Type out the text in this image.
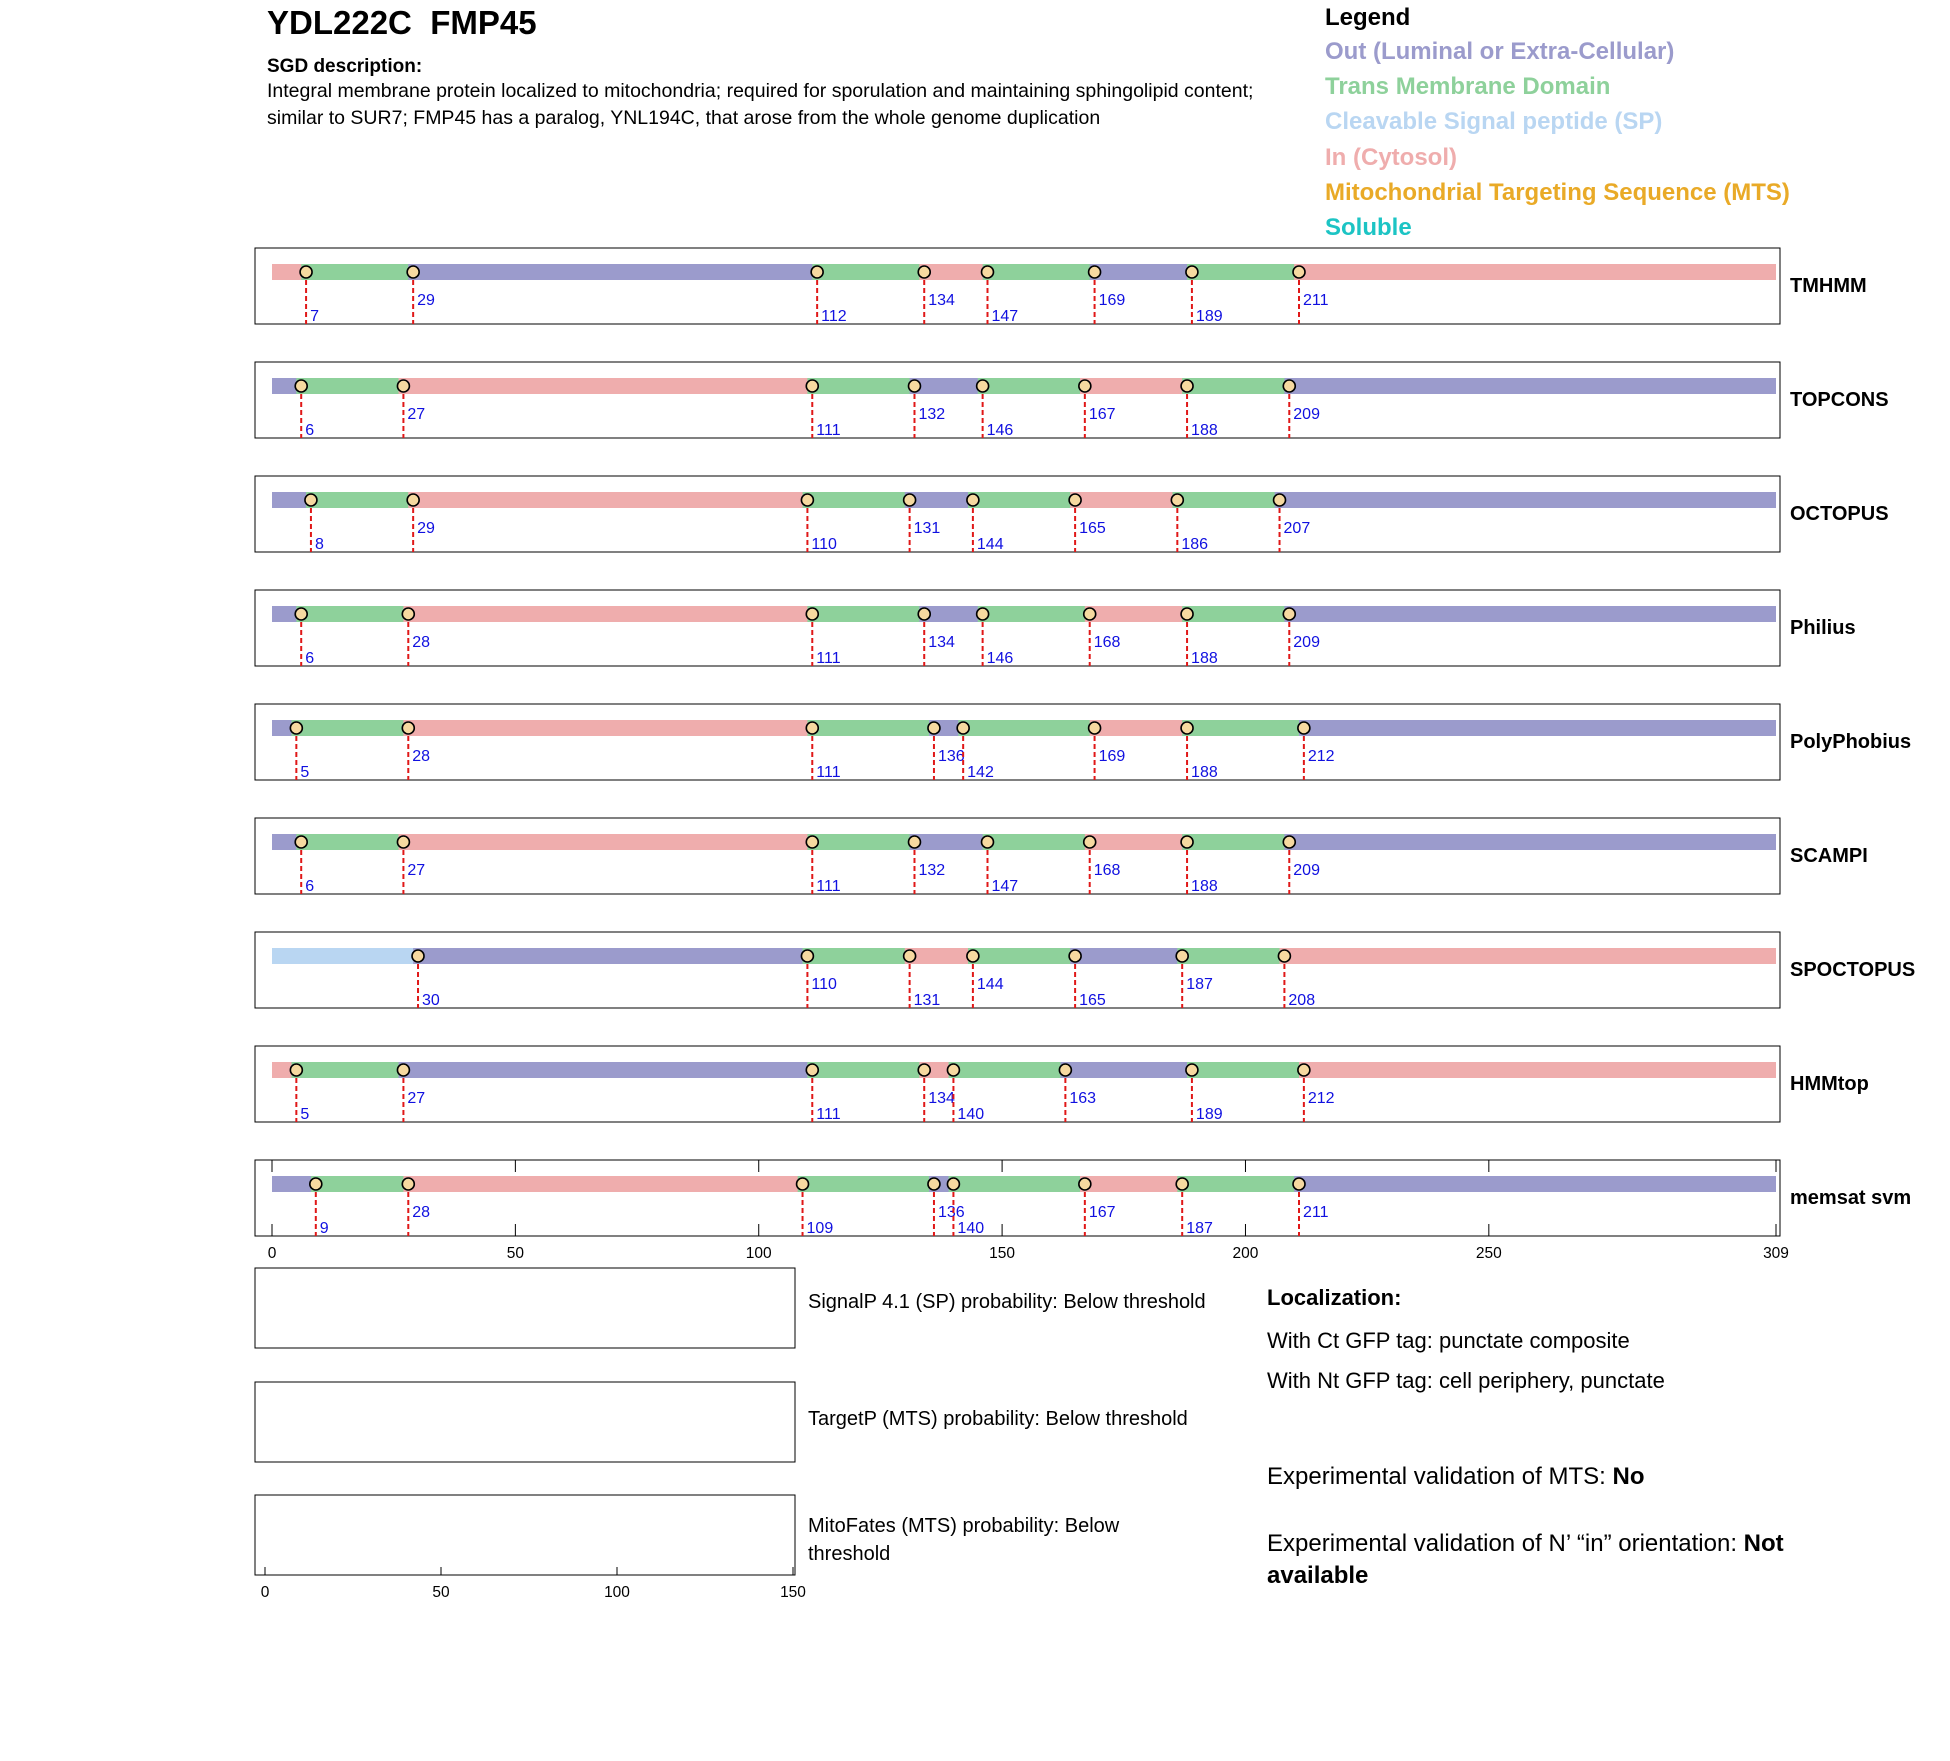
YDL222C  FMP45
SGD description:
Integral membrane protein localized to mitochondria; required for sporulation and maintaining sphingolipid content; similar to SUR7; FMP45 has a paralog, YNL194C, that arose from the whole genome duplication
Legend
Out (Luminal or Extra-Cellular)
Trans Membrane Domain
Cleavable Signal peptide (SP)
In (Cytosol)
Mitochondrial Targeting Sequence (MTS)
Soluble
7
29
112
134
147
169
189
211
TMHMM
6
27
111
132
146
167
188
209
TOPCONS
8
29
110
131
144
165
186
207
OCTOPUS
6
28
111
134
146
168
188
209
Philius
5
28
111
136
142
169
188
212
PolyPhobius
6
27
111
132
147
168
188
209
SCAMPI
30
110
131
144
165
187
208
SPOCTOPUS
5
27
111
134
140
163
189
212
HMMtop
9
28
109
136
140
167
187
211
memsat svm
0	50	100	150	200	250	309
0	50	100	150
SignalP 4.1 (SP) probability: Below threshold
TargetP (MTS) probability: Below threshold
MitoFates (MTS) probability: Below threshold
Localization:
With Ct GFP tag: punctate composite
With Nt GFP tag: cell periphery, punctate
Experimental validation of MTS: No
Experimental validation of N’ “in” orientation: Not available
